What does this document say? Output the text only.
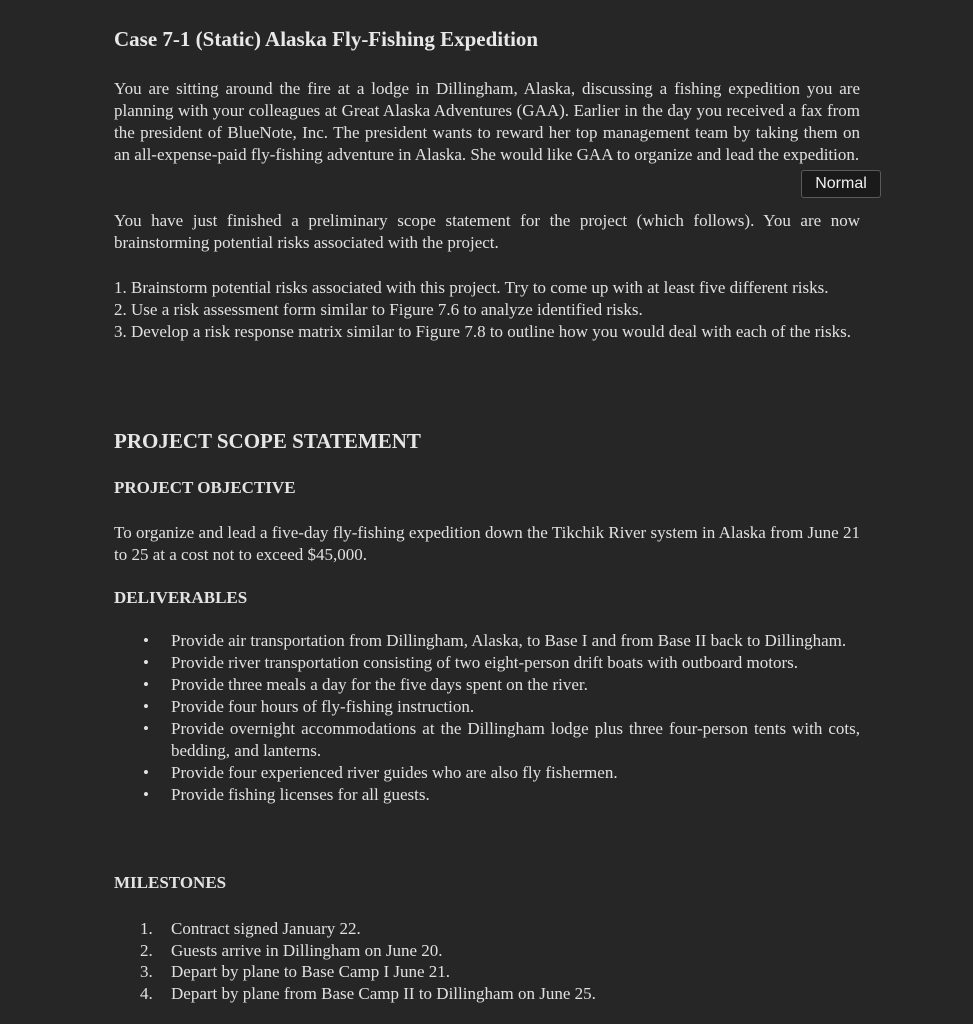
Case 7-1 (Static) Alaska Fly-Fishing Expedition

You are sitting around the fire at a lodge in Dillingham, Alaska, discussing a fishing expedition you are planning with your colleagues at Great Alaska Adventures (GAA). Earlier in the day you received a fax from the president of BlueNote, Inc. The president wants to reward her top management team by taking them on an all-expense-paid fly-fishing adventure in Alaska. She would like GAA to organize and lead the expedition.

You have just finished a preliminary scope statement for the project (which follows). You are now brainstorming potential risks associated with the project.

1. Brainstorm potential risks associated with this project. Try to come up with at least five different risks.
2. Use a risk assessment form similar to Figure 7.6 to analyze identified risks.
3. Develop a risk response matrix similar to Figure 7.8 to outline how you would deal with each of the risks.
PROJECT SCOPE STATEMENT
PROJECT OBJECTIVE

To organize and lead a five-day fly-fishing expedition down the Tikchik River system in Alaska from June 21 to 25 at a cost not to exceed $45,000.

DELIVERABLES
• Provide air transportation from Dillingham, Alaska, to Base I and from Base II back to Dillingham.
• Provide river transportation consisting of two eight-person drift boats with outboard motors.
• Provide three meals a day for the five days spent on the river.
• Provide four hours of fly-fishing instruction.
• Provide overnight accommodations at the Dillingham lodge plus three four-person tents with cots, bedding, and lanterns.
• Provide four experienced river guides who are also fly fishermen.
• Provide fishing licenses for all guests.
MILESTONES
1. Contract signed January 22.
2. Guests arrive in Dillingham on June 20.
3. Depart by plane to Base Camp I June 21.
4. Depart by plane from Base Camp II to Dillingham on June 25.
Normal
